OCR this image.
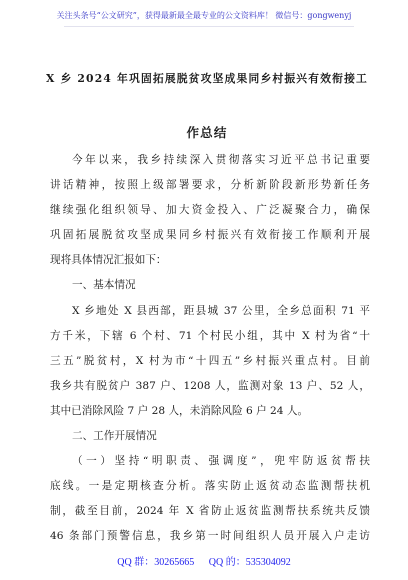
关注头条号“公文研究”，获得最新最全最专业的公文资料库！ 微信号：gongwenyj
X 乡 2024 年巩固拓展脱贫攻坚成果同乡村振兴有效衔接工
作总结
今年以来，我乡持续深入贯彻落实习近平总书记重要
讲话精神，按照上级部署要求，分析新阶段新形势新任务
继续强化组织领导、加大资金投入、广泛凝聚合力，确保
巩固拓展脱贫攻坚成果同乡村振兴有效衔接工作顺利开展
现将具体情况汇报如下：
一、基本情况
X 乡地处 X 县西部，距县城 37 公里，全乡总面积 71 平
方千米，下辖 6 个村、71 个村民小组，其中 X 村为省“十
三五”脱贫村，X 村为市“十四五”乡村振兴重点村。目前
我乡共有脱贫户 387 户、1208 人，监测对象 13 户、52 人，
其中已消除风险 7 户 28 人，未消除风险 6 户 24 人。
二、工作开展情况
（一）坚持“明职责、强调度”，兜牢防返贫帮扶
底线。一是定期核查分析。落实防止返贫动态监测帮扶机
制，截至目前，2024 年 X 省防止返贫监测帮扶系统共反馈
46 条部门预警信息，我乡第一时间组织人员开展入户走访
QQ 群：30265665 QQ 的：535304092
